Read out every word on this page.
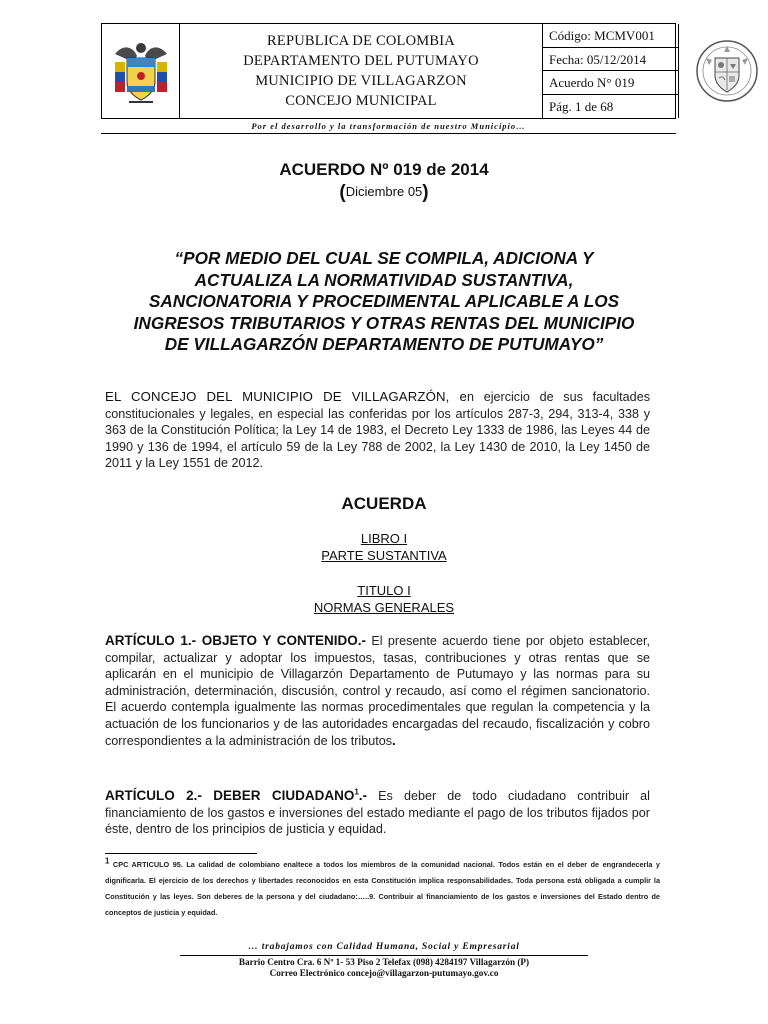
REPUBLICA DE COLOMBIA
DEPARTAMENTO DEL PUTUMAYO
MUNICIPIO DE VILLAGARZON
CONCEJO MUNICIPAL
Código: MCMV001
Fecha: 05/12/2014
Acuerdo N° 019
Pág. 1 de 68
Por el desarrollo y la transformación de nuestro Municipio…
ACUERDO Nº 019 de 2014
(Diciembre 05)
“POR MEDIO DEL CUAL SE COMPILA, ADICIONA Y
ACTUALIZA LA NORMATIVIDAD SUSTANTIVA,
SANCIONATORIA Y PROCEDIMENTAL APLICABLE A LOS
INGRESOS TRIBUTARIOS Y OTRAS RENTAS DEL MUNICIPIO
DE VILLAGARZÓN DEPARTAMENTO DE PUTUMAYO”
EL CONCEJO DEL MUNICIPIO DE VILLAGARZÓN, en ejercicio de sus facultades constitucionales y legales, en especial las conferidas por los artículos 287-3, 294, 313-4, 338 y 363 de la Constitución Política; la Ley 14 de 1983, el Decreto Ley 1333 de 1986, las Leyes 44 de 1990 y 136 de 1994, el artículo 59 de la Ley 788 de 2002, la Ley 1430 de 2010, la Ley 1450 de 2011 y la Ley 1551 de 2012.
ACUERDA
LIBRO I
PARTE SUSTANTIVA
TITULO I
NORMAS GENERALES
ARTÍCULO 1.- OBJETO Y CONTENIDO.- El presente acuerdo tiene por objeto establecer, compilar, actualizar y adoptar los impuestos, tasas, contribuciones y otras rentas que se aplicarán en el municipio de Villagarzón Departamento de Putumayo y las normas para su administración, determinación, discusión, control y recaudo, así como el régimen sancionatorio. El acuerdo contempla igualmente las normas procedimentales que regulan la competencia y la actuación de los funcionarios y de las autoridades encargadas del recaudo, fiscalización y cobro correspondientes a la administración de los tributos.
ARTÍCULO 2.- DEBER CIUDADANO$^1$.- Es deber de todo ciudadano contribuir al financiamiento de los gastos e inversiones del estado mediante el pago de los tributos fijados por éste, dentro de los principios de justicia y equidad.
$^1$ CPC ARTICULO 95. La calidad de colombiano enaltece a todos los miembros de la comunidad nacional. Todos están en el deber de engrandecerla y dignificarla. El ejercicio de los derechos y libertades reconocidos en esta Constitución implica responsabilidades. Toda persona está obligada a cumplir la Constitución y las leyes. Son deberes de la persona y del ciudadano:…..9. Contribuir al financiamiento de los gastos e inversiones del Estado dentro de conceptos de justicia y equidad.
… trabajamos con Calidad Humana, Social y Empresarial
Barrio Centro Cra. 6 Nº 1- 53 Piso 2 Telefax (098) 4284197 Villagarzón (P)
Correo Electrónico concejo@villagarzon-putumayo.gov.co
